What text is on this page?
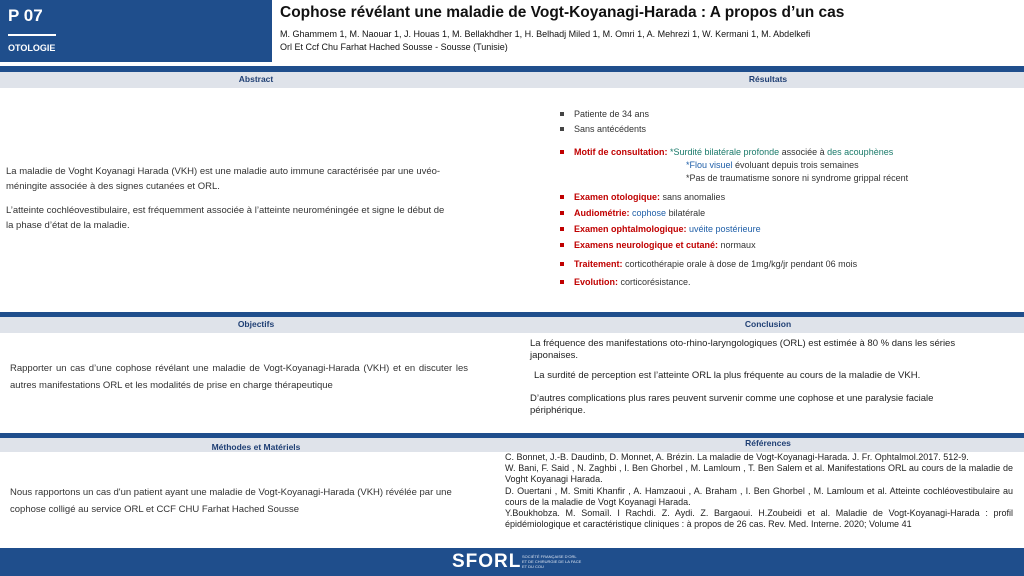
P 07
OTOLOGIE
Cophose révélant une maladie de Vogt-Koyanagi-Harada : A propos d’un cas
M. Ghammem 1, M. Naouar 1, J. Houas 1, M. Bellakhdher 1, H. Belhadj Miled 1, M. Omri 1, A. Mehrezi 1, W. Kermani 1, M. Abdelkefi
Orl Et Ccf Chu Farhat Hached Sousse - Sousse (Tunisie)
Abstract	Résultats

La maladie de Voght Koyanagi Harada (VKH) est une maladie auto immune caractérisée par une uvéo-méningite associée à des signes cutanées et ORL.

L’atteinte cochléovestibulaire, est fréquemment associée à l’atteinte neuroméningée et signe le début de la phase d’état de la maladie.

Patiente de 34 ans
Sans antécédents
Motif de consultation: *Surdité bilatérale profonde associée à des acouphènes
*Flou visuel évoluant depuis trois semaines
*Pas de traumatisme sonore ni syndrome grippal récent
Examen otologique: sans anomalies
Audiométrie: cophose bilatérale
Examen ophtalmologique: uvéite postérieure
Examens neurologique et cutané: normaux
Traitement: corticothérapie orale à dose de 1mg/kg/jr pendant 06 mois
Evolution: corticorésistance.
Objectifs	Conclusion
Rapporter un cas d’une cophose révélant une maladie de Vogt-Koyanagi-Harada (VKH) et en discuter les autres manifestations ORL et les modalités de prise en charge thérapeutique
La fréquence des manifestations oto-rhino-laryngologiques (ORL) est estimée à 80 % dans les séries japonaises.
La surdité de perception est l’atteinte ORL la plus fréquente au cours de la maladie de VKH.
D’autres complications plus rares peuvent survenir comme une cophose et une paralysie faciale périphérique.
Méthodes et Matériels	Références
Nous rapportons un cas d'un patient ayant une maladie de Vogt-Koyanagi-Harada (VKH) révélée par une cophose colligé au service ORL et CCF CHU Farhat Hached Sousse

C. Bonnet, J.-B. Daudinb, D. Monnet, A. Brézin. La maladie de Vogt-Koyanagi-Harada. J. Fr. Ophtalmol.2017. 512-9.

W. Bani, F. Said , N. Zaghbi , I. Ben Ghorbel , M. Lamloum , T. Ben Salem et al. Manifestations ORL au cours de la maladie de Voght Koyanagi Harada.

D. Ouertani , M. Smiti Khanfir , A. Hamzaoui , A. Braham , I. Ben Ghorbel , M. Lamloum et al. Atteinte cochléovestibulaire au cours de la maladie de Vogt Koyanagi Harada.

Y.Boukhobza. M. Somaïl. I Rachdi. Z. Aydi. Z. Bargaoui. H.Zoubeidi et al. Maladie de Vogt-Koyanagi-Harada : profil épidémiologique et caractéristique cliniques : à propos de 26 cas. Rev. Med. Interne. 2020; Volume 41

SFORL SOCIÉTÉ FRANÇAISE D'ORL ET DE CHIRURGIE DE LA FACE ET DU COU
